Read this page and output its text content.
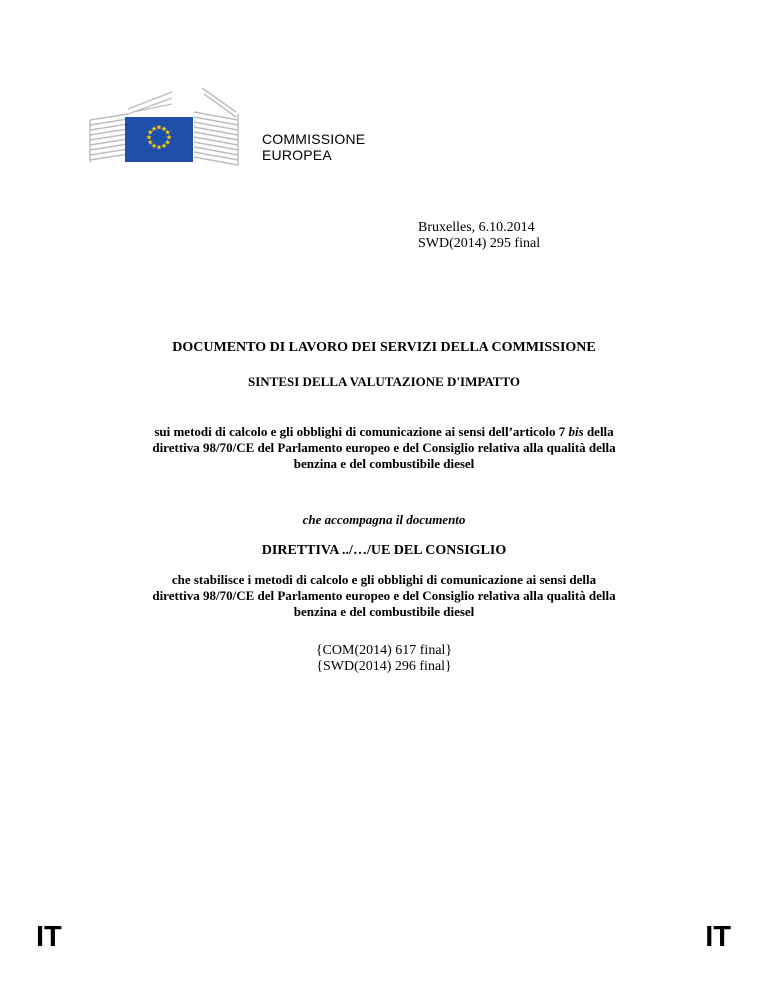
★
★
★
★
★
★
★
★
★
★
★
★
COMMISSIONE
EUROPEA
Bruxelles, 6.10.2014
SWD(2014) 295 final
DOCUMENTO DI LAVORO DEI SERVIZI DELLA COMMISSIONE
SINTESI DELLA VALUTAZIONE D'IMPATTO
sui metodi di calcolo e gli obblighi di comunicazione ai sensi dell’articolo 7 bis della
direttiva 98/70/CE del Parlamento europeo e del Consiglio relativa alla qualità della
benzina e del combustibile diesel
che accompagna il documento
DIRETTIVA ../…/UE DEL CONSIGLIO
che stabilisce i metodi di calcolo e gli obblighi di comunicazione ai sensi della
direttiva 98/70/CE del Parlamento europeo e del Consiglio relativa alla qualità della
benzina e del combustibile diesel
{COM(2014) 617 final}
{SWD(2014) 296 final}
IT	IT
